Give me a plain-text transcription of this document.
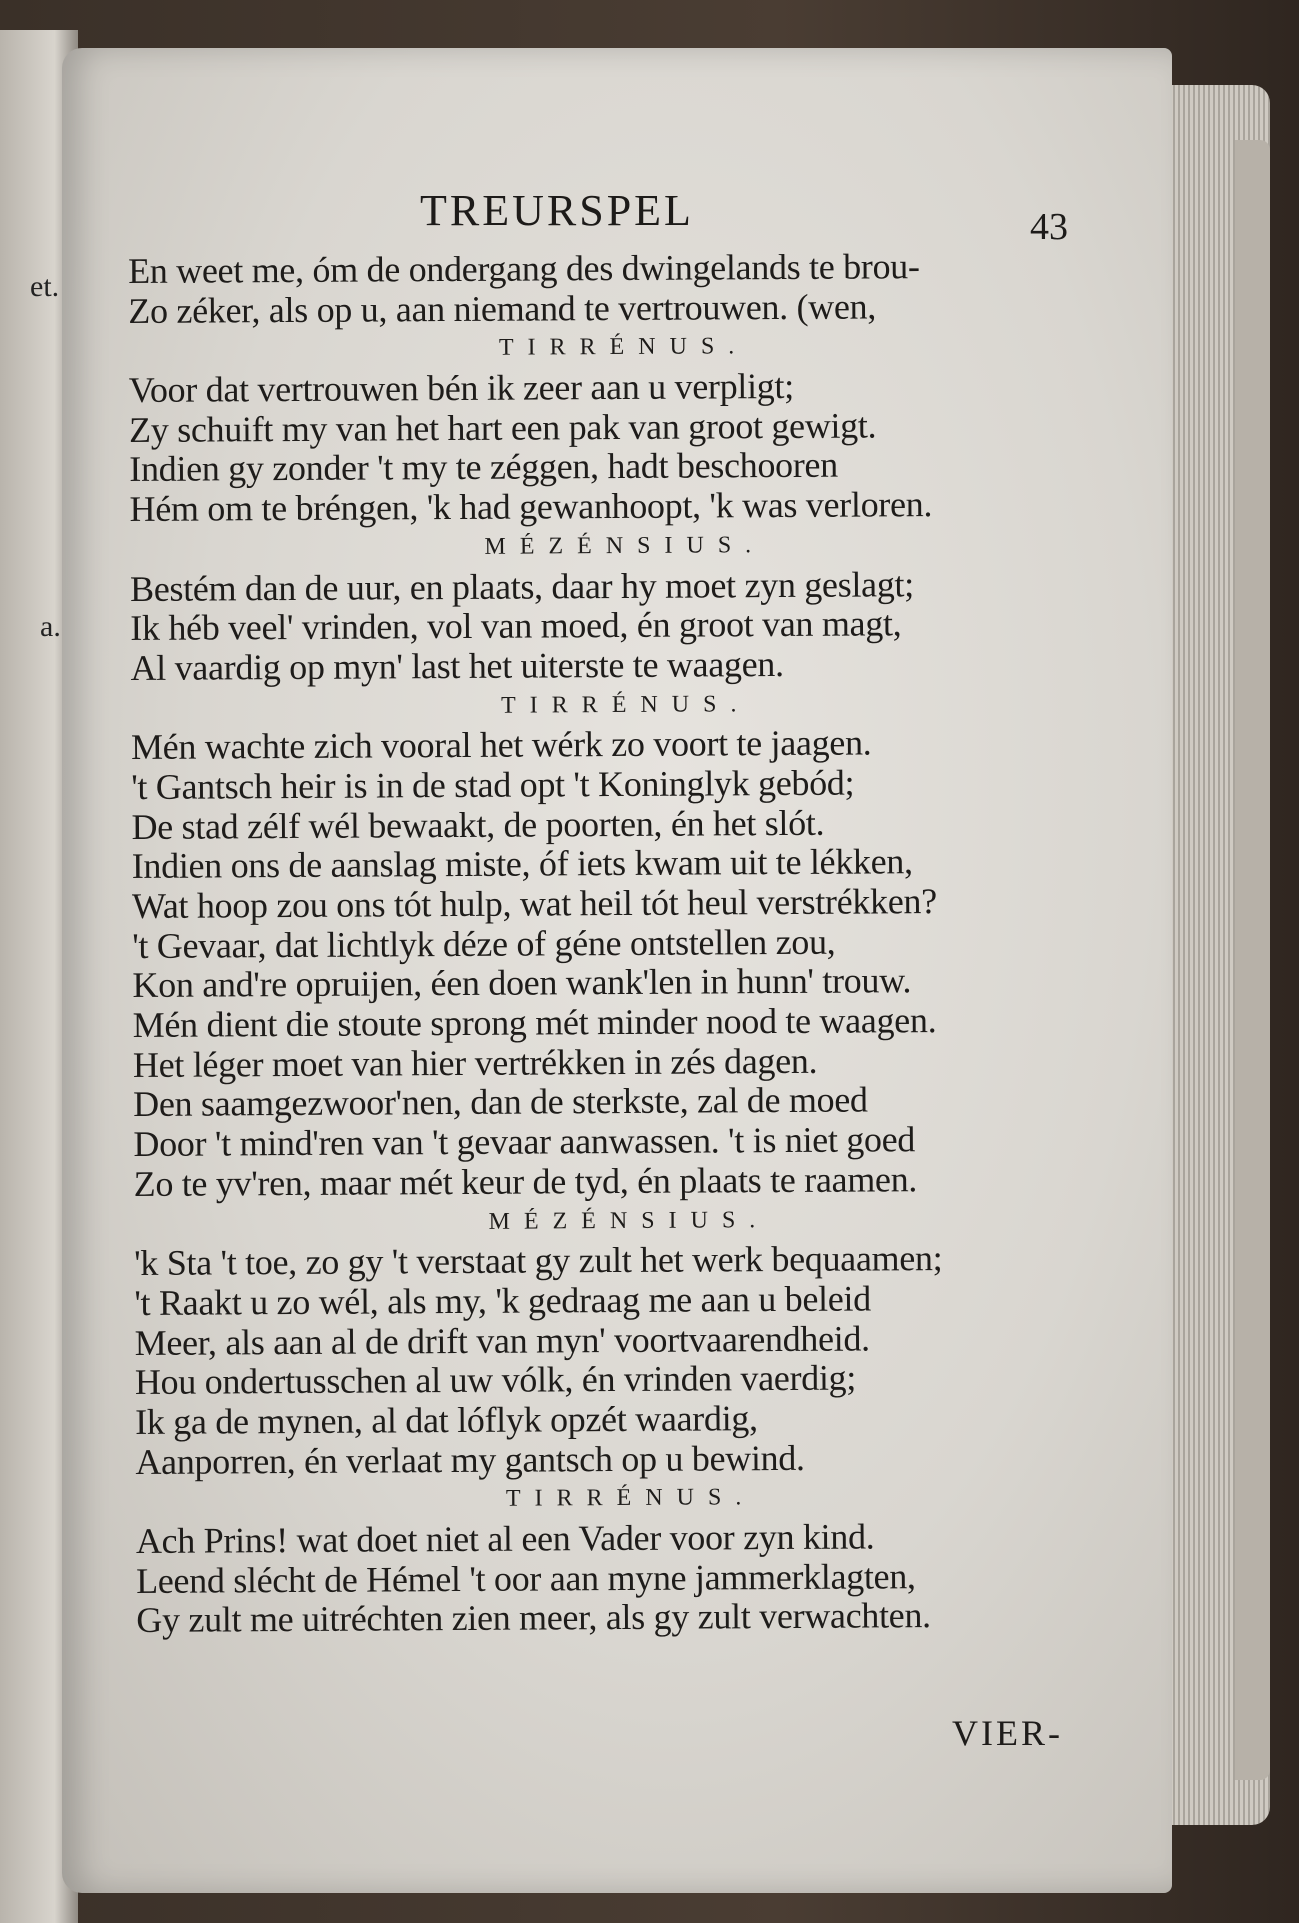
et.
a.
TREURSPEL	43
En weet me, óm de ondergang des dwingelands te brou-
Zo zéker, als op u, aan niemand te vertrouwen. (wen,
TIRRÉNUS.
Voor dat vertrouwen bén ik zeer aan u verpligt;
Zy schuift my van het hart een pak van groot gewigt.
Indien gy zonder 't my te zéggen, hadt beschooren
Hém om te bréngen, 'k had gewanhoopt, 'k was verloren.
MÉZÉNSIUS.
Bestém dan de uur, en plaats, daar hy moet zyn geslagt;
Ik héb veel' vrinden, vol van moed, én groot van magt,
Al vaardig op myn' last het uiterste te waagen.
TIRRÉNUS.
Mén wachte zich vooral het wérk zo voort te jaagen.
't Gantsch heir is in de stad opt 't Koninglyk gebód;
De stad zélf wél bewaakt, de poorten, én het slót.
Indien ons de aanslag miste, óf iets kwam uit te lékken,
Wat hoop zou ons tót hulp, wat heil tót heul verstrékken?
't Gevaar, dat lichtlyk déze of géne ontstellen zou,
Kon and're opruijen, éen doen wank'len in hunn' trouw.
Mén dient die stoute sprong mét minder nood te waagen.
Het léger moet van hier vertrékken in zés dagen.
Den saamgezwoor'nen, dan de sterkste, zal de moed
Door 't mind'ren van 't gevaar aanwassen. 't is niet goed
Zo te yv'ren, maar mét keur de tyd, én plaats te raamen.
MÉZÉNSIUS.
'k Sta 't toe, zo gy 't verstaat gy zult het werk bequaamen;
't Raakt u zo wél, als my, 'k gedraag me aan u beleid
Meer, als aan al de drift van myn' voortvaarendheid.
Hou ondertusschen al uw vólk, én vrinden vaerdig;
Ik ga de mynen, al dat lóflyk opzét waardig,
Aanporren, én verlaat my gantsch op u bewind.
TIRRÉNUS.
Ach Prins! wat doet niet al een Vader voor zyn kind.
Leend slécht de Hémel 't oor aan myne jammerklagten,
Gy zult me uitréchten zien meer, als gy zult verwachten.
VIER-
